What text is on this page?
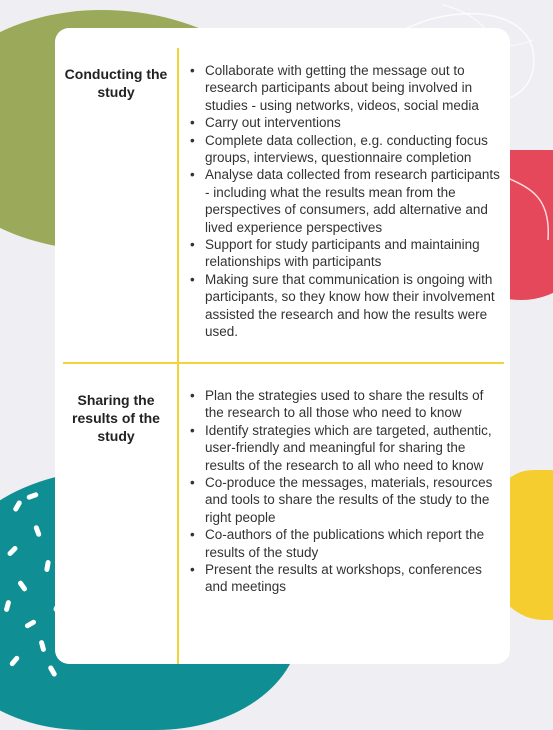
Conducting the
study
• Collaborate with getting the message out to research participants about being involved in studies - using networks, videos, social media
• Carry out interventions
• Complete data collection, e.g. conducting focus groups, interviews, questionnaire completion
• Analyse data collected from research participants - including what the results mean from the perspectives of consumers, add alternative and lived experience perspectives
• Support for study participants and maintaining relationships with participants
• Making sure that communication is ongoing with participants, so they know how their involvement assisted the research and how the results were used.
Sharing the
results of the
study
• Plan the strategies used to share the results of the research to all those who need to know
• Identify strategies which are targeted, authentic, user-friendly and meaningful for sharing the results of the research to all who need to know
• Co-produce the messages, materials, resources and tools to share the results of the study to the right people
• Co-authors of the publications which report the results of the study
• Present the results at workshops, conferences and meetings
